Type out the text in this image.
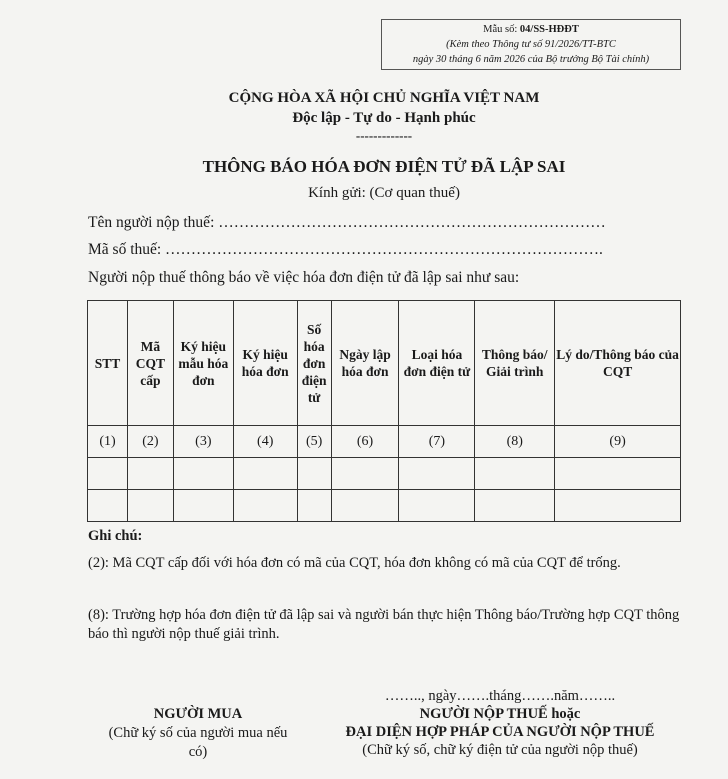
Mẫu số: 04/SS-HĐĐT
(Kèm theo Thông tư số 91/2026/TT-BTC
ngày 30 tháng 6 năm 2026 của Bộ trưởng Bộ Tài chính)
CỘNG HÒA XÃ HỘI CHỦ NGHĨA VIỆT NAM
Độc lập - Tự do - Hạnh phúc
-------------
THÔNG BÁO HÓA ĐƠN ĐIỆN TỬ ĐÃ LẬP SAI
Kính gửi: (Cơ quan thuế)
Tên người nộp thuế: …………………………………………………………………
Mã số thuế: ………………………………………………………………………….
Người nộp thuế thông báo về việc hóa đơn điện tử đã lập sai như sau:
STT	Mã CQT cấp	Ký hiệu mẫu hóa đơn	Ký hiệu hóa đơn	Số hóa đơn điện tử	Ngày lập hóa đơn	Loại hóa đơn điện tử	Thông báo/ Giải trình	Lý do/Thông báo của CQT
(1)	(2)	(3)	(4)	(5)	(6)	(7)	(8)	(9)

Ghi chú:
(2): Mã CQT cấp đối với hóa đơn có mã của CQT, hóa đơn không có mã của CQT để trống.
(8): Trường hợp hóa đơn điện tử đã lập sai và người bán thực hiện Thông báo/Trường hợp CQT thông báo thì người nộp thuế giải trình.
NGƯỜI MUA
(Chữ ký số của người mua nếu có)
…….., ngày…….tháng…….năm……..
NGƯỜI NỘP THUẾ hoặc
ĐẠI DIỆN HỢP PHÁP CỦA NGƯỜI NỘP THUẾ
(Chữ ký số, chữ ký điện tử của người nộp thuế)
